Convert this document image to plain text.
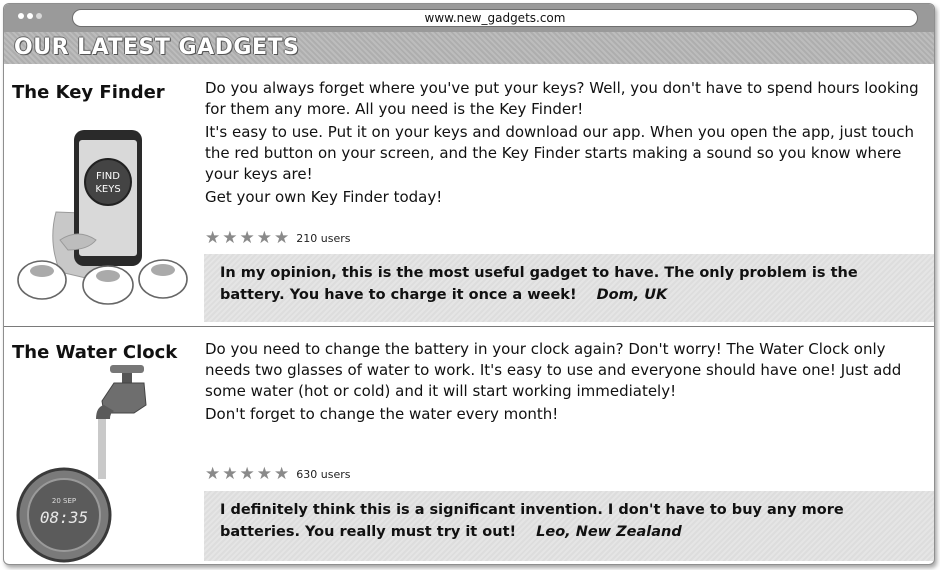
www.new_gadgets.com
OUR LATEST GADGETS
The Key Finder
FIND
KEYS

Do you always forget where you've put your keys? Well, you don't have to spend hours looking for them any more. All you need is the Key Finder!

It's easy to use. Put it on your keys and download our app. When you open the app, just touch the red button on your screen, and the Key Finder starts making a sound so you know where your keys are!

Get your own Key Finder today!

★ ★ ★ ★ ★ 210 users
In my opinion, this is the most useful gadget to have. The only problem is the battery. You have to charge it once a week! Dom, UK
The Water Clock
20 SEP
08:35

Do you need to change the battery in your clock again? Don't worry! The Water Clock only needs two glasses of water to work. It's easy to use and everyone should have one! Just add some water (hot or cold) and it will start working immediately!

Don't forget to change the water every month!

★ ★ ★ ★ ★ 630 users
I definitely think this is a significant invention. I don't have to buy any more batteries. You really must try it out! Leo, New Zealand
